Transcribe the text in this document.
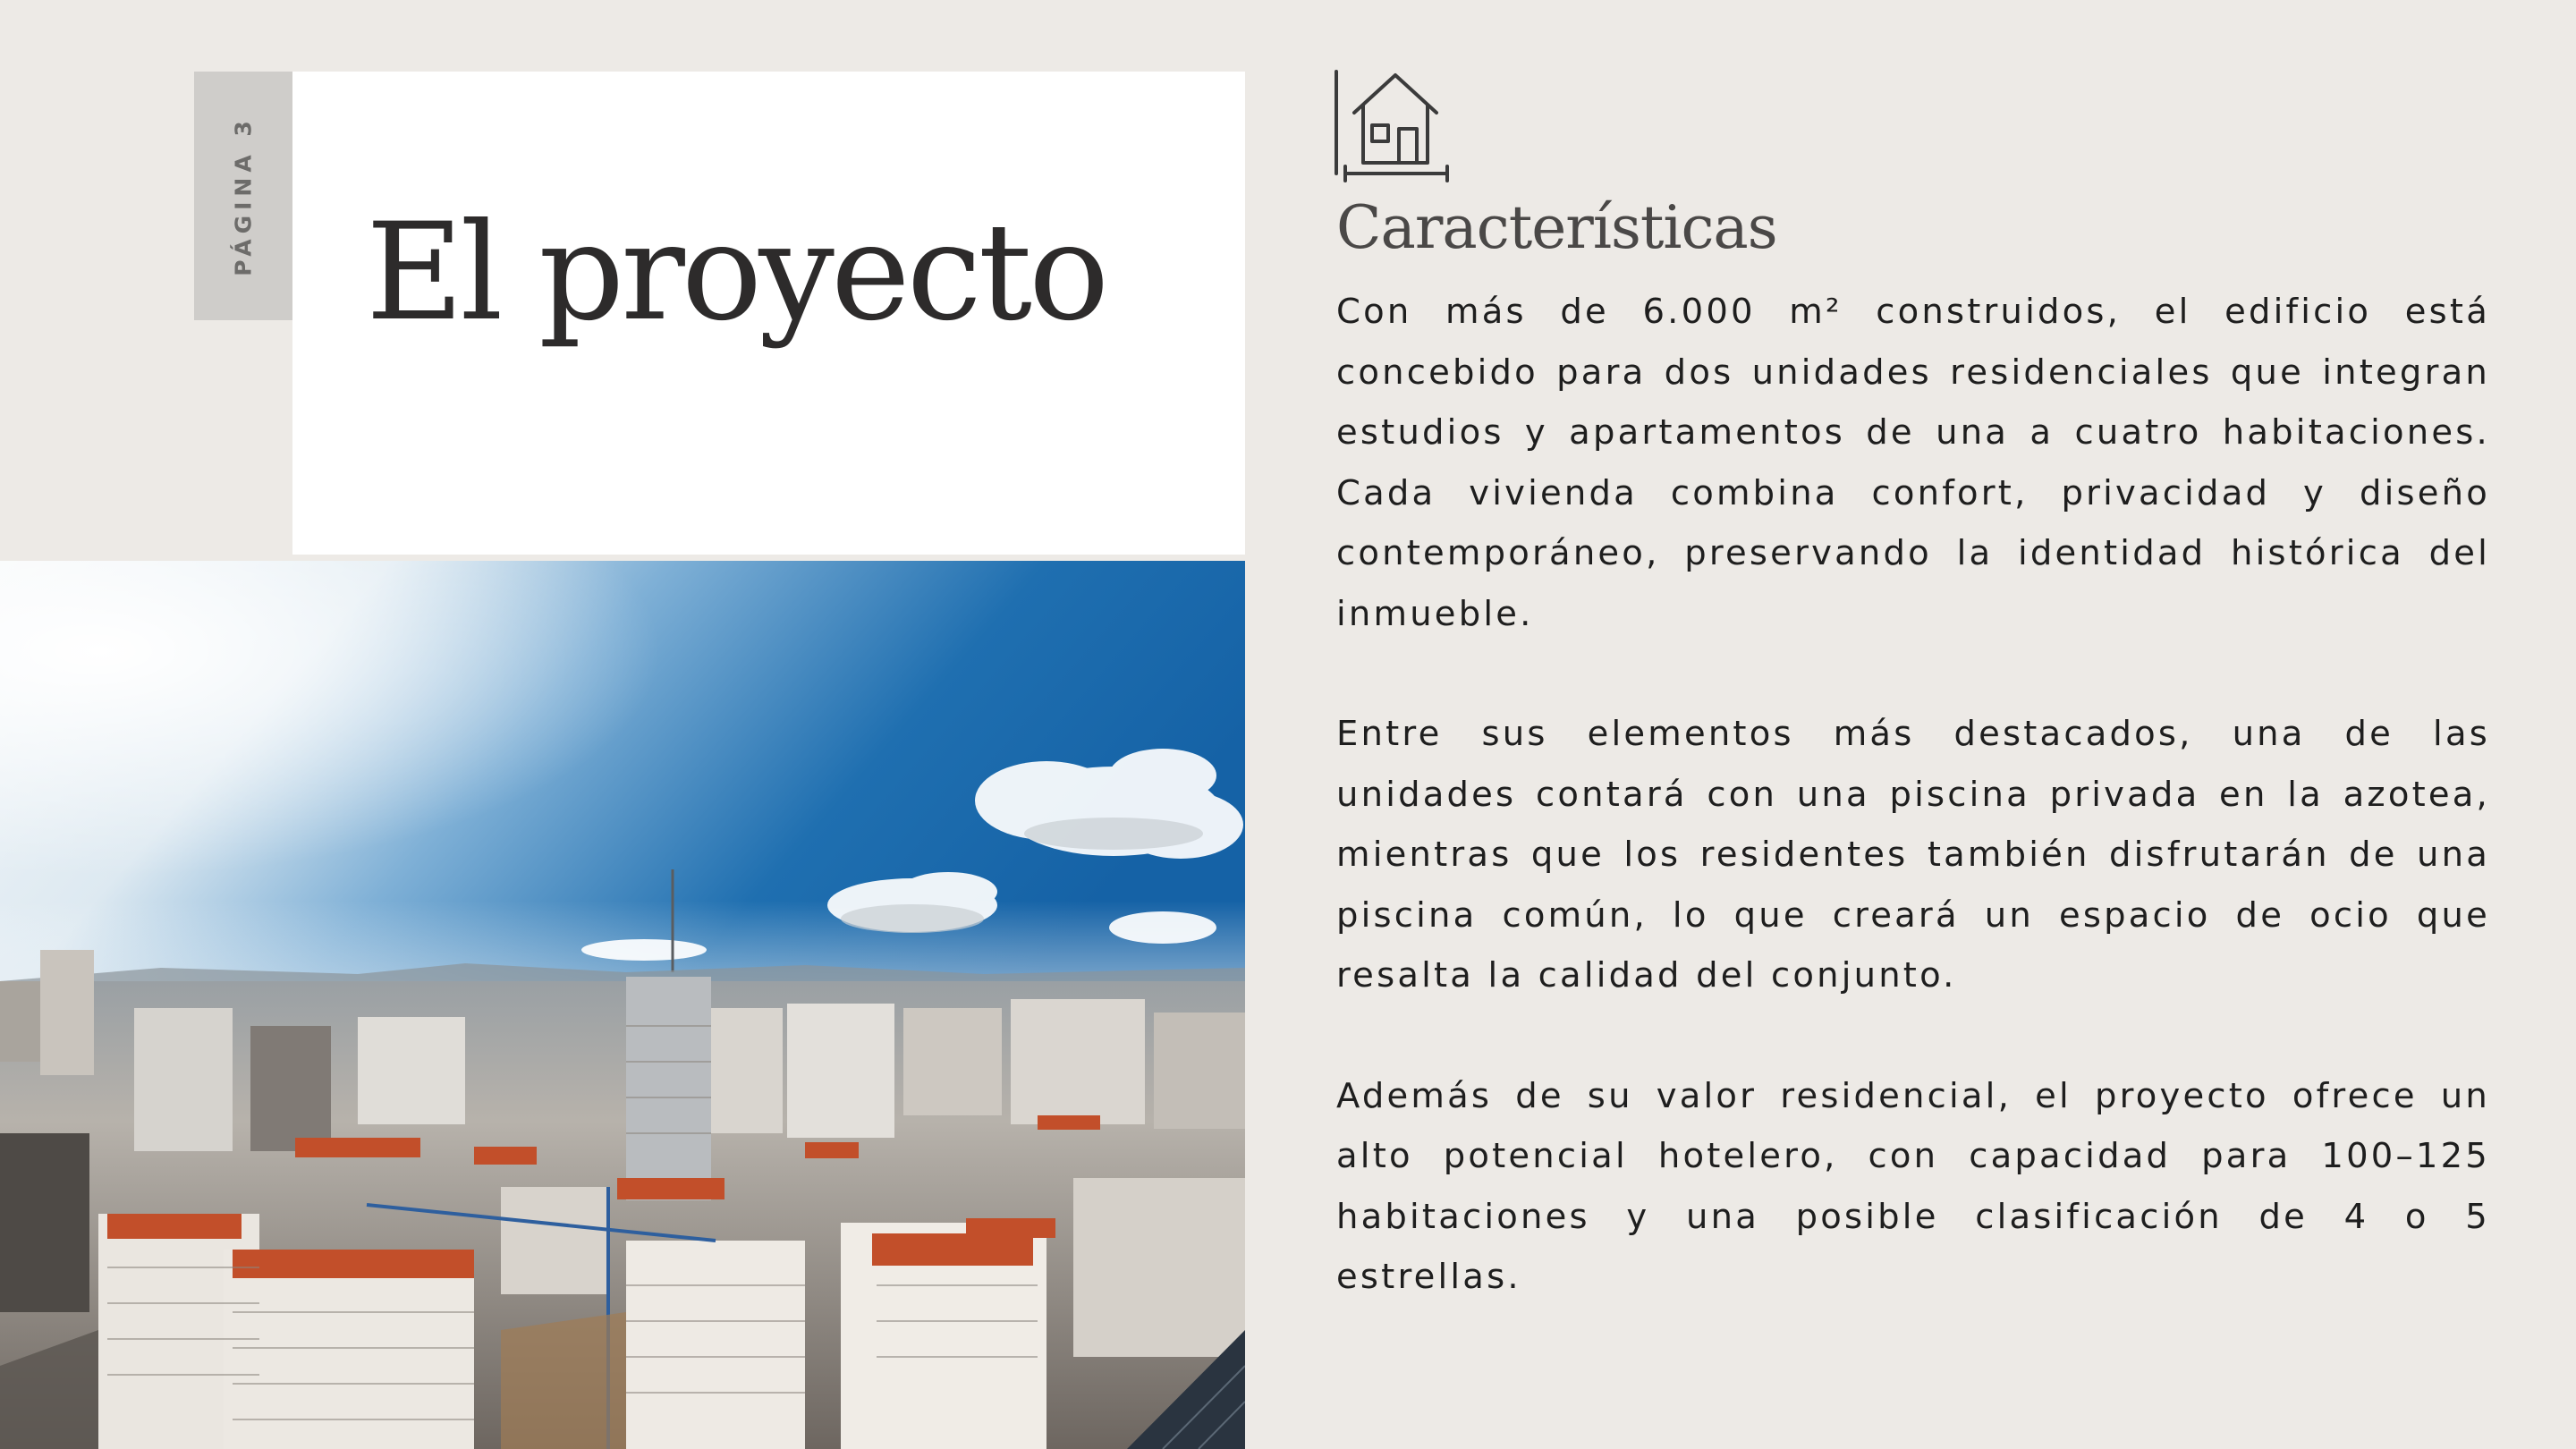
PÁGINA 3 El proyecto	Características

Con más de 6.000 m² construidos, el edificio está concebido para dos unidades residenciales que integran estudios y apartamentos de una a cuatro habitaciones. Cada vivienda combina confort, privacidad y diseño contemporáneo, preservando la identidad histórica del inmueble.

Entre sus elementos más destacados, una de las unidades contará con una piscina privada en la azotea, mientras que los residentes también disfrutarán de una piscina común, lo que creará un espacio de ocio que resalta la calidad del conjunto.

Además de su valor residencial, el proyecto ofrece un alto potencial hotelero, con capacidad para 100–125 habitaciones y una posible clasificación de 4 o 5 estrellas.
